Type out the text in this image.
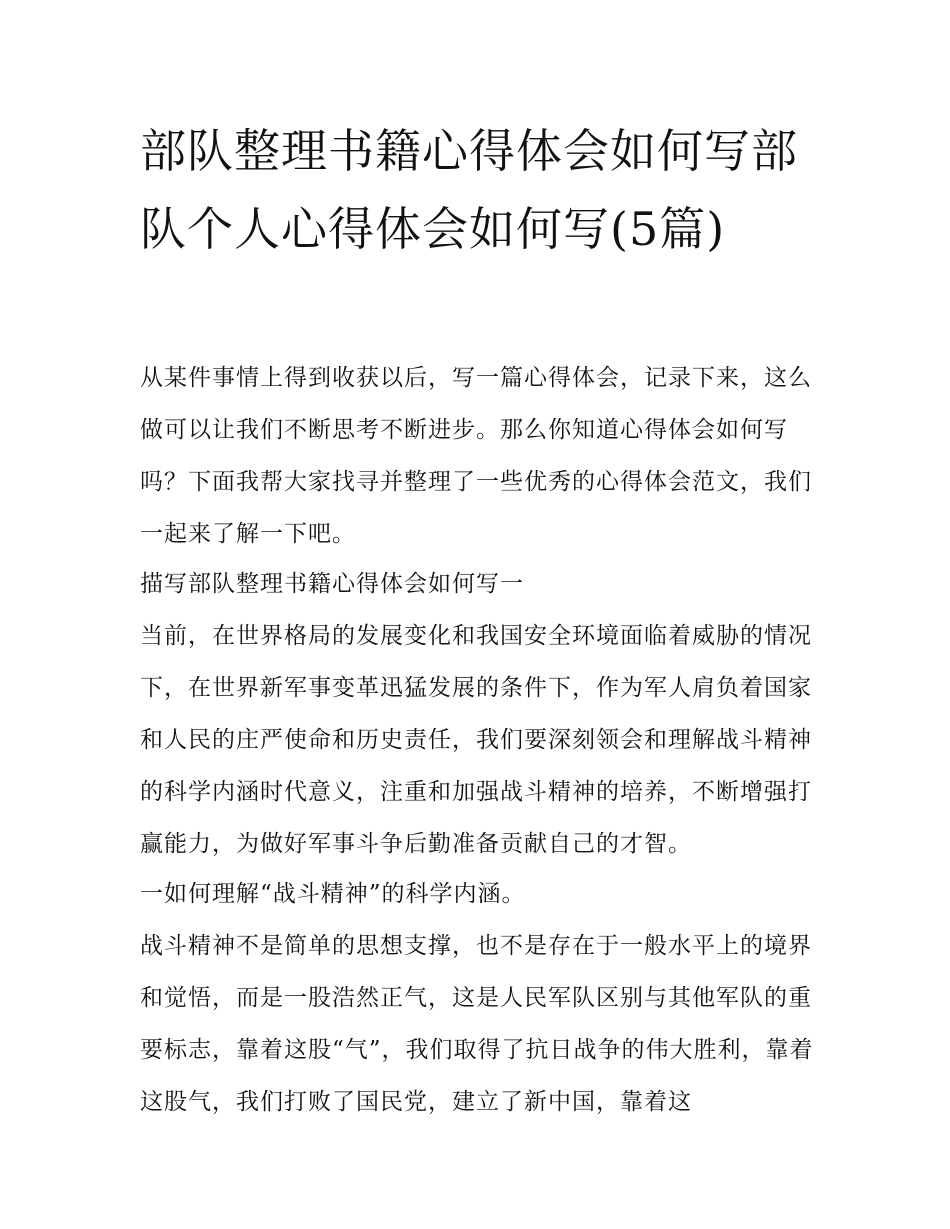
部队整理书籍心得体会如何写部队个人心得体会如何写(5篇)

从某件事情上得到收获以后，写一篇心得体会，记录下来，这么做可以让我们不断思考不断进步。那么你知道心得体会如何写吗？下面我帮大家找寻并整理了一些优秀的心得体会范文，我们一起来了解一下吧。

描写部队整理书籍心得体会如何写一

当前，在世界格局的发展变化和我国安全环境面临着威胁的情况下，在世界新军事变革迅猛发展的条件下，作为军人肩负着国家和人民的庄严使命和历史责任，我们要深刻领会和理解战斗精神的科学内涵时代意义，注重和加强战斗精神的培养，不断增强打赢能力，为做好军事斗争后勤准备贡献自己的才智。

一如何理解“战斗精神”的科学内涵。

战斗精神不是简单的思想支撑，也不是存在于一般水平上的境界和觉悟，而是一股浩然正气，这是人民军队区别与其他军队的重要标志，靠着这股“气”，我们取得了抗日战争的伟大胜利，靠着这股气，我们打败了国民党，建立了新中国，靠着这
